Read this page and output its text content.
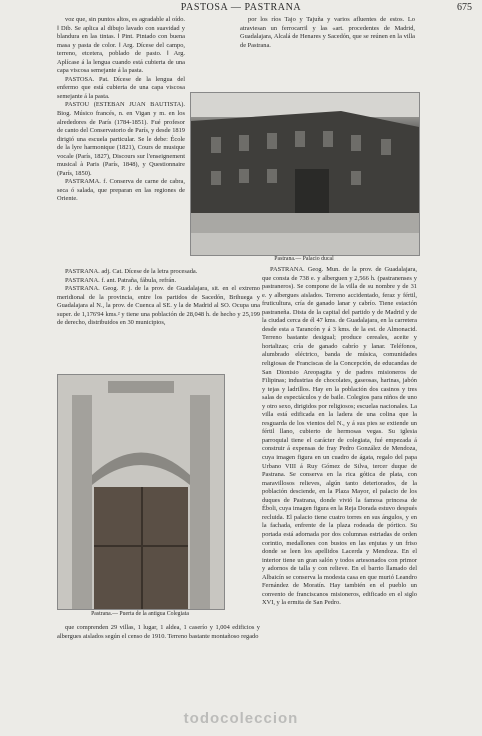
PASTOSA — PASTRANA	675

voz que, sin puntos altos, es agradable al oído. ‖ Dib. Se aplica al dibujo lavado con suavidad y blandura en las tintas. ‖ Pint. Pintado con buena masa y pasta de color. ‖ Arg. Dícese del campo, terreno, etcetera, poblado de pasto. ‖ Arg. Aplícase á la lengua cuando está cubierta de una capa viscosa semejante á la pasta.

PASTOSA. Pat. Dícese de la lengua del enfermo que está cubierta de una capa viscosa semejante á la pasta.

PASTOU (ESTEBAN JUAN BAUTISTA). Biog. Músico francés, n. en Vigan y m. en los alrededores de París (1784-1851). Fué profesor de canto del Conservatorio de París, y desde 1819 dirigió una escuela particular. Se le debe: École de la lyre harmonique (1821), Cours de musique vocale (París, 1827), Discours sur l'enseignement musical à Paris (París, 1848), y Questionnaire (París, 1850).

PASTRAMA. f. Conserva de carne de cabra, seca ó salada, que preparan en las regiones de Oriente.

PASTRANA. adj. Cat. Dícese de la letra procesada.

PASTRANA. f. ant. Patraña, fábula, refrán.

PASTRANA. Geog. P. j. de la prov. de Guadalajara, sit. en el extremo meridional de la provincia, entre los partidos de Sacedón, Brihuega y Guadalajara al N., la prov. de Cuenca al SE. y la de Madrid al SO. Ocupa una super. de 1,176'94 kms.² y tiene una población de 28,048 h. de hecho y 25,199 de derecho, distribuidos en 30 municipios,

por los ríos Tajo y Tajuña y varios afluentes de estos. Lo atraviesan un ferrocarril y las «art. procedentes de Madrid, Guadalajara, Alcalá de Henares y Sacedón, que se reúnen en la villa de Pastrana.

Pastrana.— Palacio ducal

PASTRANA. Geog. Mun. de la prov. de Guadalajara, que consta de 738 e. y alberguen y 2,566 h. (pastranenses y pastraneros). Se compone de la villa de su nombre y de 31 e. y albergues aislados. Terreno accidentado, feraz y fértil, fruticultura, cría de ganado lanar y cabrío. Tiene estación pastraneña. Dista de la capital del partido y de Madrid y de la ciudad cerca de él 47 kms. de Guadalajara, en la carretera desde esta a Tarancón y á 3 kms. de la est. de Almonacid. Terreno bastante desigual; produce cereales, aceite y hortalizas; cría de ganado cabrío y lanar. Teléfonos, alumbrado eléctrico, banda de música, comunidades religiosas de Franciscas de la Concepción, de educandas de San Dionisio Areopagita y de padres misioneros de Filipinas; industrias de chocolates, gaseosas, harinas, jabón y tejas y ladrillos. Hay en la población dos casinos y tres salas de espectáculos y de baile. Colegios para niños de uno y otro sexo, dirigidos por religiosos; escuelas nacionales. La villa está edificada en la ladera de una colina que la resguarda de los vientos del N., y á sus pies se extiende un fértil llano, cubierto de hermosas vegas. Su iglesia parroquial tiene el carácter de colegiata, fué empezada á construir á expensas de fray Pedro González de Mendoza, cuya imagen figura en un cuadro de ágata, regalo del papa Urbano VIII á Ruy Gómez de Silva, tercer duque de Pastrana. Se conserva en la rica gótica de plata, con maravillosos relieves, algún tanto deteriorados, de la población desciende, en la Plaza Mayor, el palacio de los duques de Pastrana, donde vivió la famosa princesa de Éboli, cuya imagen figura en la Reja Dorada estuvo después recluida. El palacio tiene cuatro torres en sus ángulos, y en la fachada, enfrente de la plaza rodeada de pórtico. Su portada está adornada por dos columnas estriadas de orden corintio, medallones con bustos en las enjutas y un friso donde se leen los apellidos Lacerda y Mendoza. En el interior tiene un gran salón y todos artesonados con primor y adornos de talla y con relieve. En el barrio llamado del Albaicín se conserva la modesta casa en que murió Leandro Fernández de Moratín. Hay también en el pueblo un convento de franciscanos misioneros, edificado en el siglo XVI, y la ermita de San Pedro.

Pastrana.— Puerta de la antigua Colegiata

que comprenden 29 villas, 1 lugar, 1 aldea, 1 caserío y 1,004 edificios y albergues aislados según el censo de 1910. Terreno bastante montañoso regado

todocoleccion
